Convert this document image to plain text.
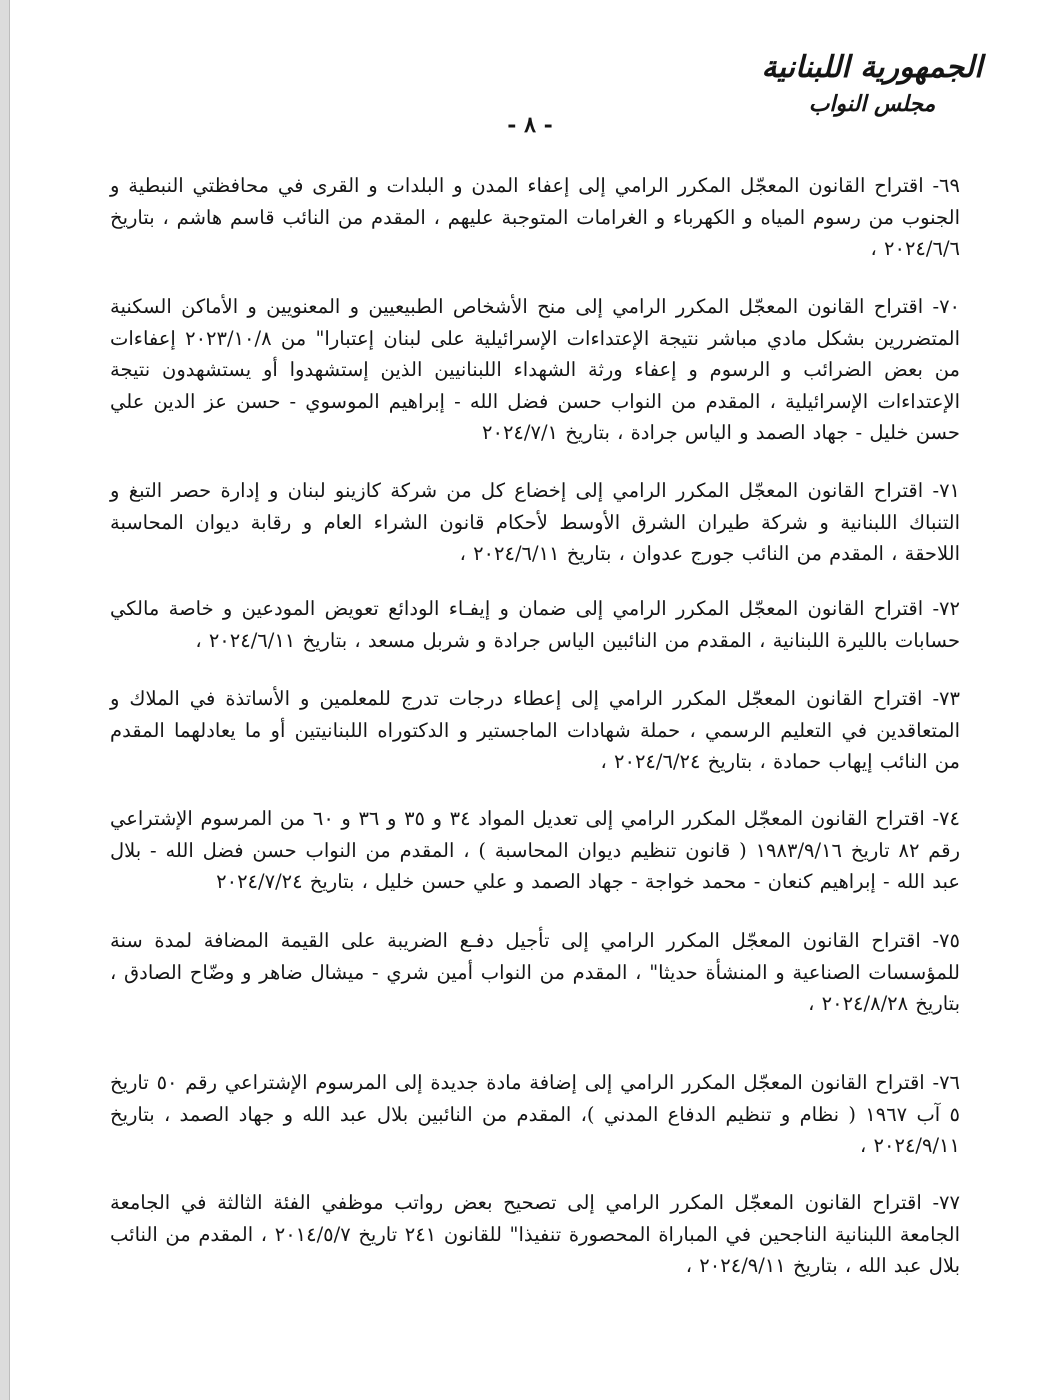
الجمهورية اللبنانية
مجلس النواب
- ٨ -
٦٩- اقتراح القانون المعجّل المكرر الرامي إلى إعفاء المدن و البلدات و القرى في محافظتي النبطية و الجنوب من رسوم المياه و الكهرباء و الغرامات المتوجبة عليهم ، المقدم من النائب قاسم هاشم ، بتاريخ ٢٠٢٤/٦/٦ ،
٧٠- اقتراح القانون المعجّل المكرر الرامي إلى منح الأشخاص الطبيعيين و المعنويين و الأماكن السكنية المتضررين بشكل مادي مباشر نتيجة الإعتداءات الإسرائيلية على لبنان إعتبارا" من ٢٠٢٣/١٠/٨ إعفاءات من بعض الضرائب و الرسوم و إعفاء ورثة الشهداء اللبنانيين الذين إستشهدوا أو يستشهدون نتيجة الإعتداءات الإسرائيلية ، المقدم من النواب حسن فضل الله - إبراهيم الموسوي - حسن عز الدين علي حسن خليل - جهاد الصمد و الياس جرادة ، بتاريخ ٢٠٢٤/٧/١
٧١- اقتراح القانون المعجّل المكرر الرامي إلى إخضاع كل من شركة كازينو لبنان و إدارة حصر التبغ و التنباك اللبنانية و شركة طيران الشرق الأوسط لأحكام قانون الشراء العام و رقابة ديوان المحاسبة اللاحقة ، المقدم من النائب جورج عدوان ، بتاريخ ٢٠٢٤/٦/١١ ،
٧٢- اقتراح القانون المعجّل المكرر الرامي إلى ضمان و إيفـاء الودائع تعويض المودعين و خاصة مالكي حسابات بالليرة اللبنانية ، المقدم من النائبين الياس جرادة و شربل مسعد ، بتاريخ ٢٠٢٤/٦/١١ ،
٧٣- اقتراح القانون المعجّل المكرر الرامي إلى إعطاء درجات تدرج للمعلمين و الأساتذة في الملاك و المتعاقدين في التعليم الرسمي ، حملة شهادات الماجستير و الدكتوراه اللبنانيتين أو ما يعادلهما المقدم من النائب إيهاب حمادة ، بتاريخ ٢٠٢٤/٦/٢٤ ،
٧٤- اقتراح القانون المعجّل المكرر الرامي إلى تعديل المواد ٣٤ و ٣٥ و ٣٦ و ٦٠ من المرسوم الإشتراعي رقم ٨٢ تاريخ ١٩٨٣/٩/١٦ ( قانون تنظيم ديوان المحاسبة ) ، المقدم من النواب حسن فضل الله - بلال عبد الله - إبراهيم كنعان - محمد خواجة - جهاد الصمد و علي حسن خليل ، بتاريخ ٢٠٢٤/٧/٢٤
٧٥- اقتراح القانون المعجّل المكرر الرامي إلى تأجيل دفـع الضريبة على القيمة المضافة لمدة سنة للمؤسسات الصناعية و المنشأة حديثا" ، المقدم من النواب أمين شري - ميشال ضاهر و وضّاح الصادق ، بتاريخ ٢٠٢٤/٨/٢٨ ،
٧٦- اقتراح القانون المعجّل المكرر الرامي إلى إضافة مادة جديدة إلى المرسوم الإشتراعي رقم ٥٠ تاريخ ٥ آب ١٩٦٧ ( نظام و تنظيم الدفاع المدني )، المقدم من النائبين بلال عبد الله و جهاد الصمد ، بتاريخ ٢٠٢٤/٩/١١ ،
٧٧- اقتراح القانون المعجّل المكرر الرامي إلى تصحيح بعض رواتب موظفي الفئة الثالثة في الجامعة الجامعة اللبنانية الناجحين في المباراة المحصورة تنفيذا" للقانون ٢٤١ تاريخ ٢٠١٤/٥/٧ ، المقدم من النائب بلال عبد الله ، بتاريخ ٢٠٢٤/٩/١١ ،
